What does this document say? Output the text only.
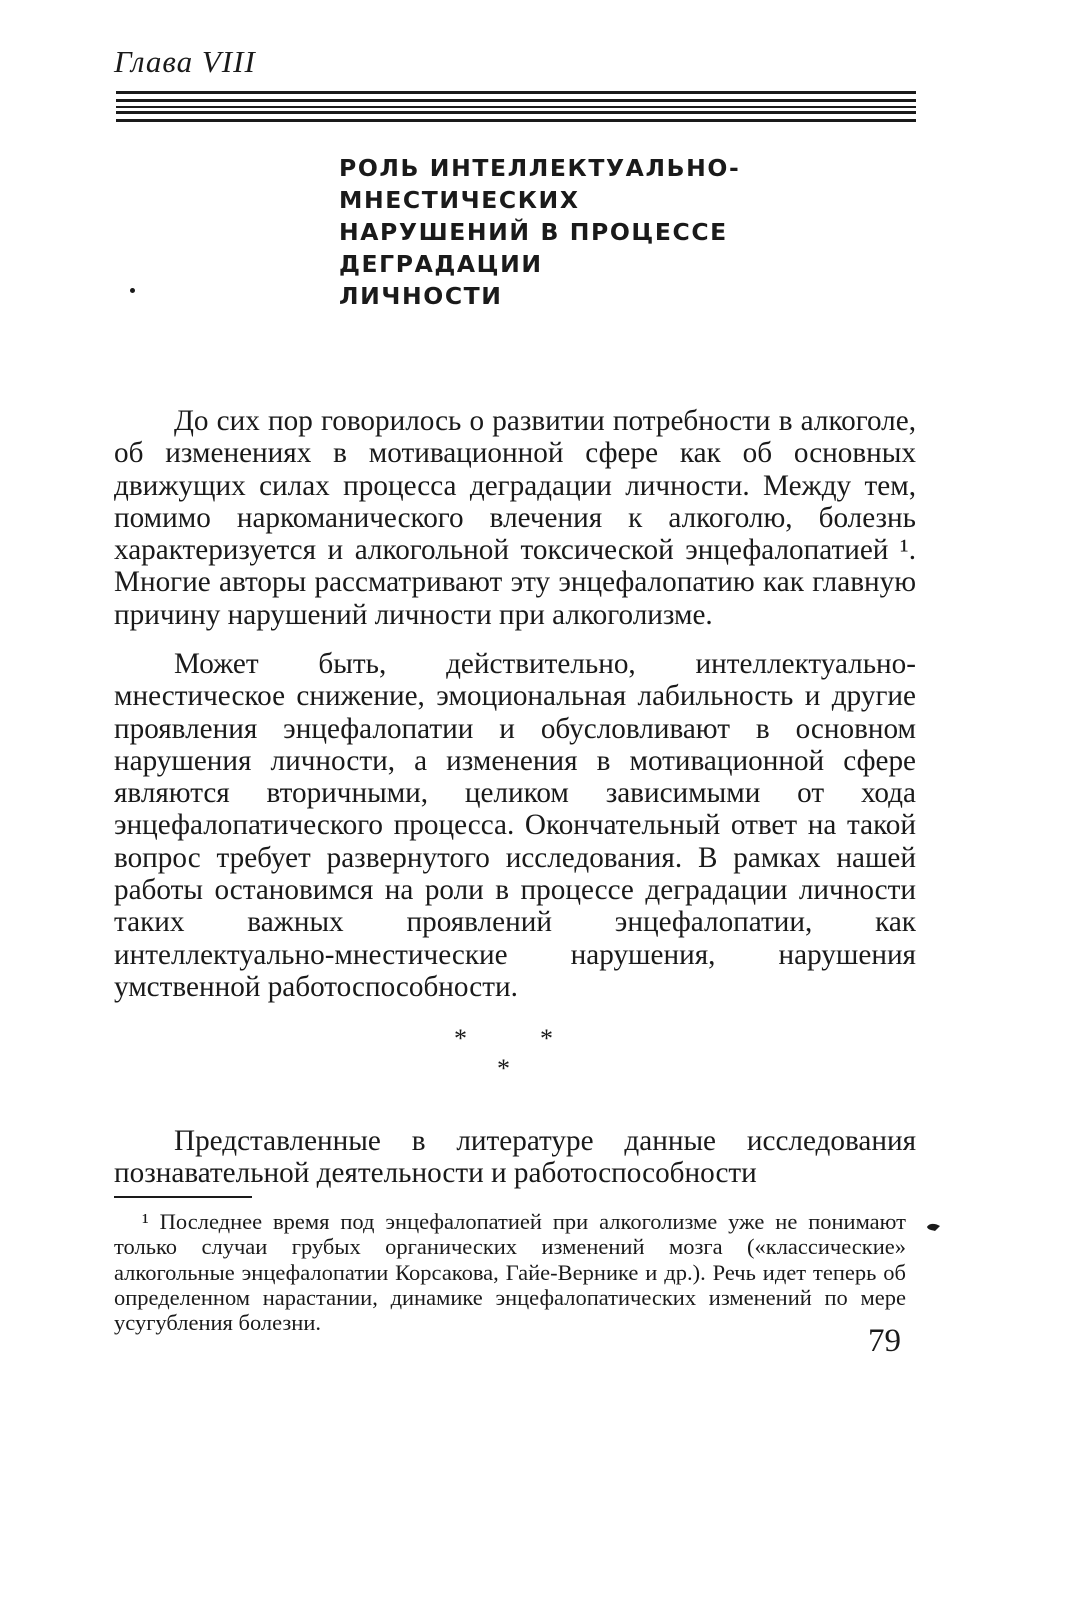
Глава VIII
РОЛЬ ИНТЕЛЛЕКТУАЛЬНО-МНЕСТИЧЕСКИХ
НАРУШЕНИЙ В ПРОЦЕССЕ ДЕГРАДАЦИИ
ЛИЧНОСТИ

До сих пор говорилось о развитии потребности в алкоголе, об изменениях в мотивационной сфере как об основных движущих силах процесса деградации личности. Между тем, помимо наркоманического влечения к алкоголю, болезнь характеризуется и алкогольной токсической энцефалопатией ¹. Многие авторы рассматривают эту энцефалопатию как главную причину нарушений личности при алкоголизме.

Может быть, действительно, интеллектуально-мнестическое снижение, эмоциональная лабильность и другие проявления энцефалопатии и обусловливают в основном нарушения личности, а изменения в мотивационной сфере являются вторичными, целиком зависимыми от хода энцефалопатического процесса. Окончательный ответ на такой вопрос требует развернутого исследования. В рамках нашей работы остановимся на роли в процессе деградации личности таких важных проявлений энцефалопатии, как интеллектуально-мнестические нарушения, нарушения умственной работоспособности.

*	*
*

Представленные в литературе данные исследования познавательной деятельности и работоспособности

¹ Последнее время под энцефалопатией при алкоголизме уже не понимают только случаи грубых органических изменений мозга («классические» алкогольные энцефалопатии Корсакова, Гайе-Вернике и др.). Речь идет теперь об определенном нарастании, динамике энцефалопатических изменений по мере усугубления болезни.

79
